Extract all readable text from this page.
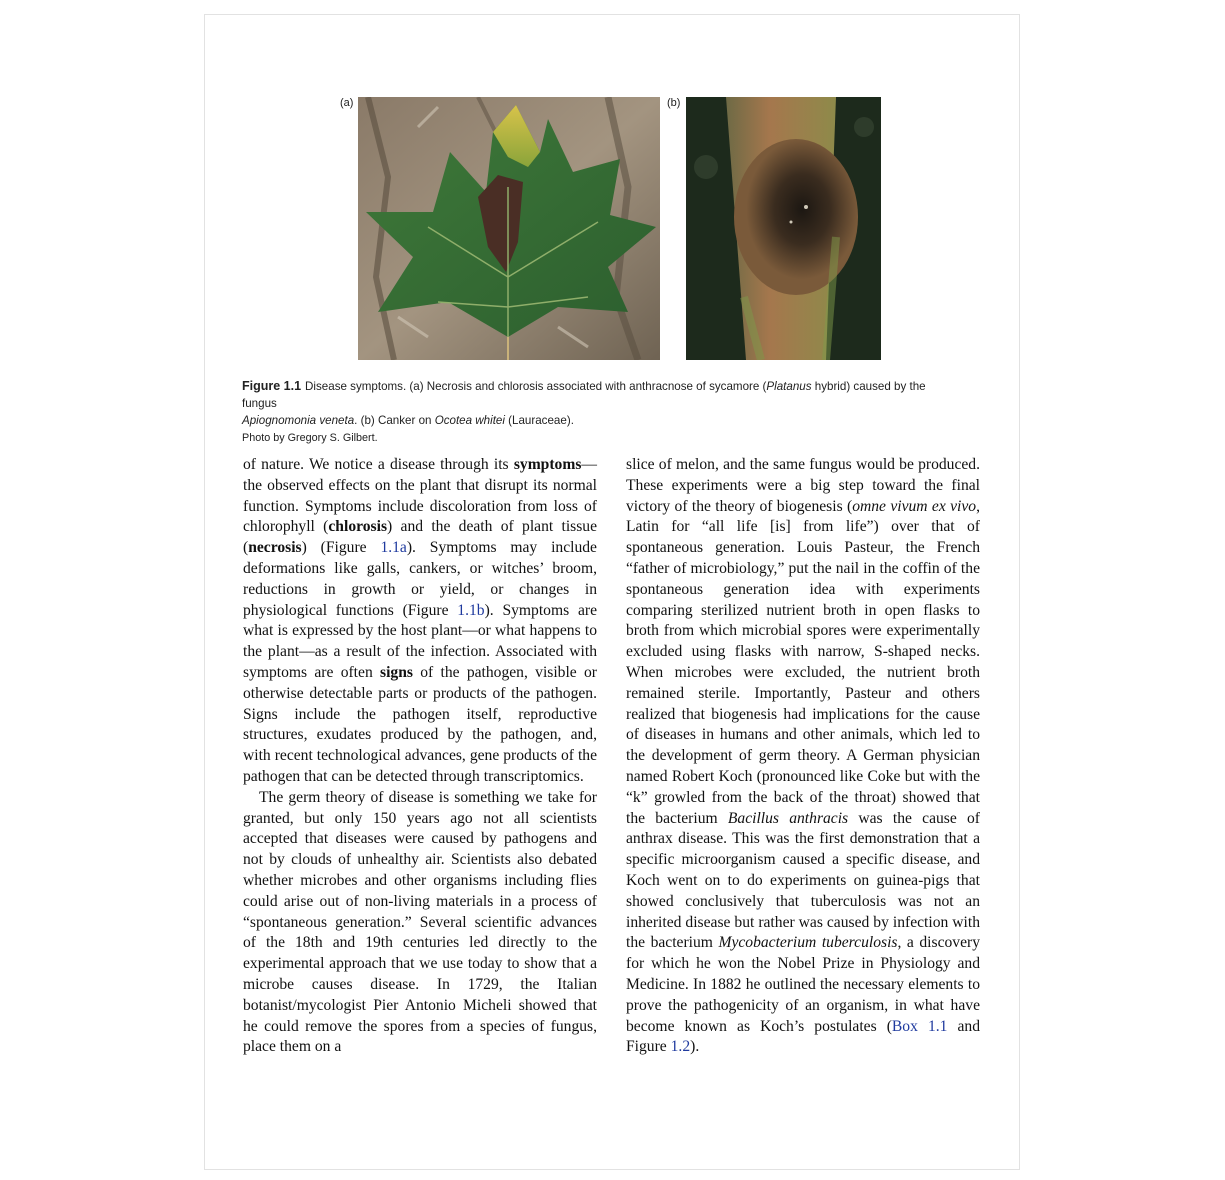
(a)	(b)
Figure 1.1 Disease symptoms. (a) Necrosis and chlorosis associated with anthracnose of sycamore (Platanus hybrid) caused by the fungus
Apiognomonia veneta. (b) Canker on Ocotea whitei (Lauraceae).
Photo by Gregory S. Gilbert.

of nature. We notice a disease through its symptoms—the observed effects on the plant that disrupt its normal function. Symptoms include discoloration from loss of chlorophyll (chlorosis) and the death of plant tissue (necrosis) (Figure 1.1a). Symptoms may include deformations like galls, cankers, or witches’ broom, reductions in growth or yield, or changes in physiological functions (Figure 1.1b). Symptoms are what is expressed by the host plant—or what happens to the plant—as a result of the infection. Associated with symptoms are often signs of the pathogen, visible or otherwise detectable parts or products of the pathogen. Signs include the pathogen itself, reproductive structures, exudates produced by the pathogen, and, with recent technological advances, gene products of the pathogen that can be detected through transcriptomics.

The germ theory of disease is something we take for granted, but only 150 years ago not all scientists accepted that diseases were caused by pathogens and not by clouds of unhealthy air. Scientists also debated whether microbes and other organisms including flies could arise out of non-living materials in a process of “spontaneous generation.” Several scientific advances of the 18th and 19th centuries led directly to the experimental approach that we use today to show that a microbe causes disease. In 1729, the Italian botanist/mycologist Pier Antonio Micheli showed that he could remove the spores from a species of fungus, place them on a

slice of melon, and the same fungus would be produced. These experiments were a big step toward the final victory of the theory of biogenesis (omne vivum ex vivo, Latin for “all life [is] from life”) over that of spontaneous generation. Louis Pasteur, the French “father of microbiology,” put the nail in the coffin of the spontaneous generation idea with experiments comparing sterilized nutrient broth in open flasks to broth from which microbial spores were experimentally excluded using flasks with narrow, S-shaped necks. When microbes were excluded, the nutrient broth remained sterile. Importantly, Pasteur and others realized that biogenesis had implications for the cause of diseases in humans and other animals, which led to the development of germ theory. A German physician named Robert Koch (pronounced like Coke but with the “k” growled from the back of the throat) showed that the bacterium Bacillus anthracis was the cause of anthrax disease. This was the first demonstration that a specific microorganism caused a specific disease, and Koch went on to do experiments on guinea-pigs that showed conclusively that tuberculosis was not an inherited disease but rather was caused by infection with the bacterium Mycobacterium tuberculosis, a discovery for which he won the Nobel Prize in Physiology and Medicine. In 1882 he outlined the necessary elements to prove the pathogenicity of an organism, in what have become known as Koch’s postulates (Box 1.1 and Figure 1.2).
